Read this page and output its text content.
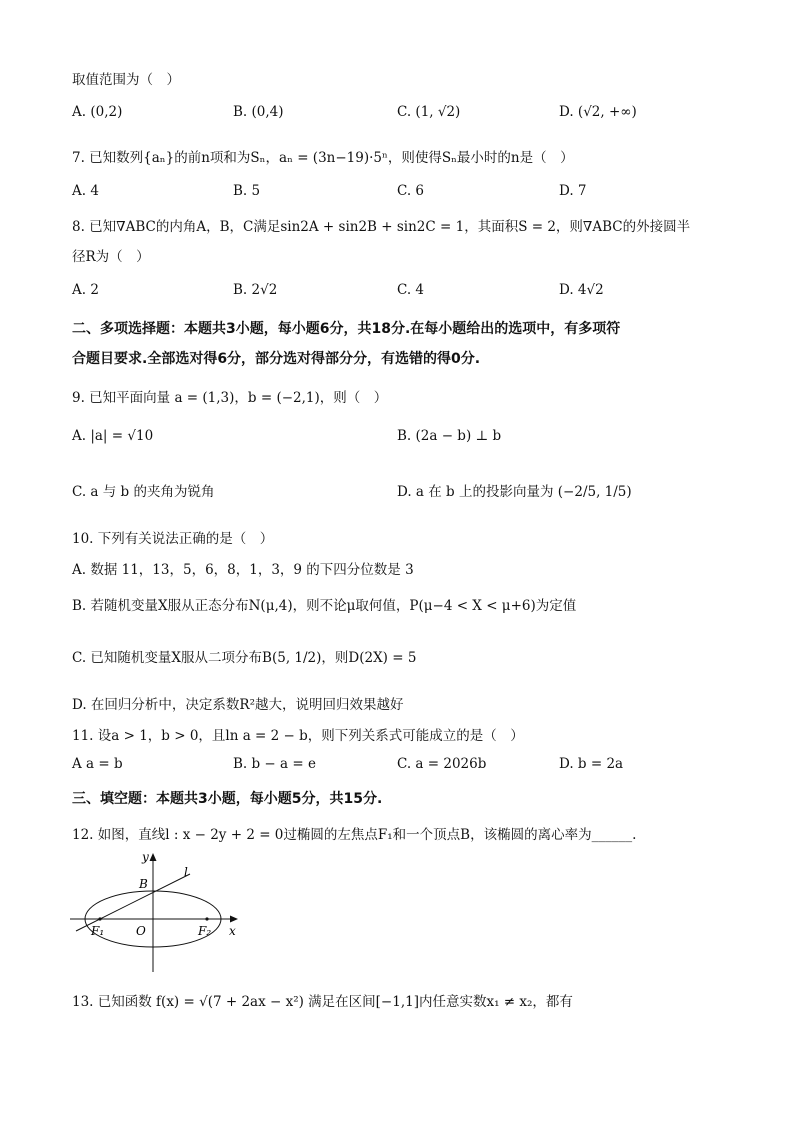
取值范围为（　）
A. (0,2)	B. (0,4)	C. (1, √2)	D. (√2, +∞)
7. 已知数列{aₙ}的前n项和为Sₙ，aₙ = (3n−19)·5ⁿ，则使得Sₙ最小时的n是（　）
A. 4	B. 5	C. 6	D. 7
8. 已知∇ABC的内角A，B，C满足sin2A + sin2B + sin2C = 1，其面积S = 2，则∇ABC的外接圆半
径R为（　）
A. 2	B. 2√2	C. 4	D. 4√2
二、多项选择题：本题共3小题，每小题6分，共18分.在每小题给出的选项中，有多项符
合题目要求.全部选对得6分，部分选对得部分分，有选错的得0分.
9. 已知平面向量 a = (1,3)，b = (−2,1)，则（　）
A. |a| = √10	B. (2a − b) ⊥ b
C. a 与 b 的夹角为锐角	D. a 在 b 上的投影向量为 (−2/5, 1/5)
10. 下列有关说法正确的是（　）
A. 数据 11，13，5，6，8，1，3，9 的下四分位数是 3
B. 若随机变量X服从正态分布N(μ,4)，则不论μ取何值，P(μ−4 < X < μ+6)为定值
C. 已知随机变量X服从二项分布B(5, 1/2)，则D(2X) = 5
D. 在回归分析中，决定系数R²越大，说明回归效果越好
11. 设a > 1，b > 0，且ln a = 2 − b，则下列关系式可能成立的是（　）
A a = b	B. b − a = e	C. a = 2026b	D. b = 2a
三、填空题：本题共3小题，每小题5分，共15分.
12. 如图，直线l : x − 2y + 2 = 0过椭圆的左焦点F₁和一个顶点B，该椭圆的离心率为______.
y
x
l
B
O
F₁	F₂
13. 已知函数 f(x) = √(7 + 2ax − x²) 满足在区间[−1,1]内任意实数x₁ ≠ x₂，都有
